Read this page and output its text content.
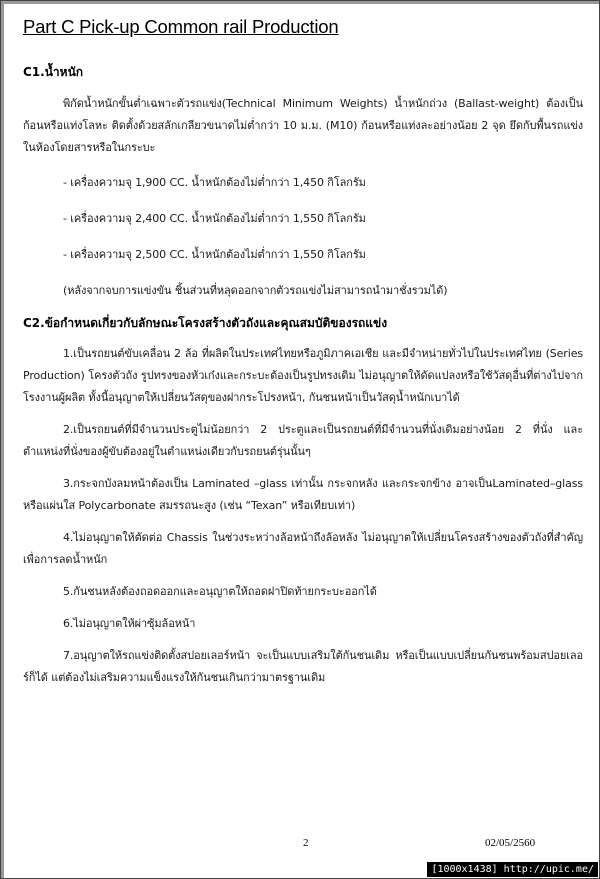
Part C Pick-up Common rail Production
C1.น้ำหนัก

พิกัดน้ำหนักขั้นต่ำเฉพาะตัวรถแข่ง(Technical Minimum Weights) น้ำหนักถ่วง (Ballast-weight) ต้องเป็นก้อนหรือแท่งโลหะ ติดตั้งด้วยสลักเกลียวขนาดไม่ต่ำกว่า 10 ม.ม. (M10) ก้อนหรือแท่งละอย่างน้อย 2 จุด ยึดกับพื้นรถแข่งในห้องโดยสารหรือในกระบะ

- เครื่องความจุ 1,900 CC. น้ำหนักต้องไม่ต่ำกว่า 1,450 กิโลกรัม

- เครื่องความจุ 2,400 CC. น้ำหนักต้องไม่ต่ำกว่า 1,550 กิโลกรัม

- เครื่องความจุ 2,500 CC. น้ำหนักต้องไม่ต่ำกว่า 1,550 กิโลกรัม

(หลังจากจบการแข่งขัน ชิ้นส่วนที่หลุดออกจากตัวรถแข่งไม่สามารถนำมาชั่งรวมได้)

C2.ข้อกำหนดเกี่ยวกับลักษณะโครงสร้างตัวถังและคุณสมบัติของรถแข่ง

1.เป็นรถยนต์ขับเคลื่อน 2 ล้อ ที่ผลิตในประเทศไทยหรือภูมิภาคเอเชีย และมีจำหน่ายทั่วไปในประเทศไทย (Series Production) โครงตัวถัง รูปทรงของหัวเก๋งและกระบะต้องเป็นรูปทรงเดิม ไม่อนุญาตให้ดัดแปลงหรือใช้วัสดุอื่นที่ต่างไปจากโรงงานผู้ผลิต ทั้งนี้อนุญาตให้เปลี่ยนวัสดุของฝากระโปรงหน้า, กันชนหน้าเป็นวัสดุน้ำหนักเบาได้

2.เป็นรถยนต์ที่มีจำนวนประตูไม่น้อยกว่า 2 ประตูและเป็นรถยนต์ที่มีจำนวนที่นั่งเดิมอย่างน้อย 2 ที่นั่ง และตำแหน่งที่นั่งของผู้ขับต้องอยู่ในตำแหน่งเดียวกับรถยนต์รุ่นนั้นๆ

3.กระจกบังลมหน้าต้องเป็น Laminated –glass เท่านั้น กระจกหลัง และกระจกข้าง อาจเป็นLaminated–glass หรือแผ่นใส Polycarbonate สมรรถนะสูง (เช่น “Texan” หรือเทียบเท่า)

4.ไม่อนุญาตให้ตัดต่อ Chassis ในช่วงระหว่างล้อหน้าถึงล้อหลัง ไม่อนุญาตให้เปลี่ยนโครงสร้างของตัวถังที่สำคัญเพื่อการลดน้ำหนัก

5.กันชนหลังต้องถอดออกและอนุญาตให้ถอดฝาปิดท้ายกระบะออกได้

6.ไม่อนุญาตให้ผ่าซุ้มล้อหน้า

7.อนุญาตให้รถแข่งติดตั้งสปอยเลอร์หน้า จะเป็นแบบเสริมใต้กันชนเดิม หรือเป็นแบบเปลี่ยนกันชนพร้อมสปอยเลอร์ก็ได้ แต่ต้องไม่เสริมความแข็งแรงให้กันชนเกินกว่ามาตรฐานเดิม

2	02/05/2560
[1000x1438] http://upic.me/
